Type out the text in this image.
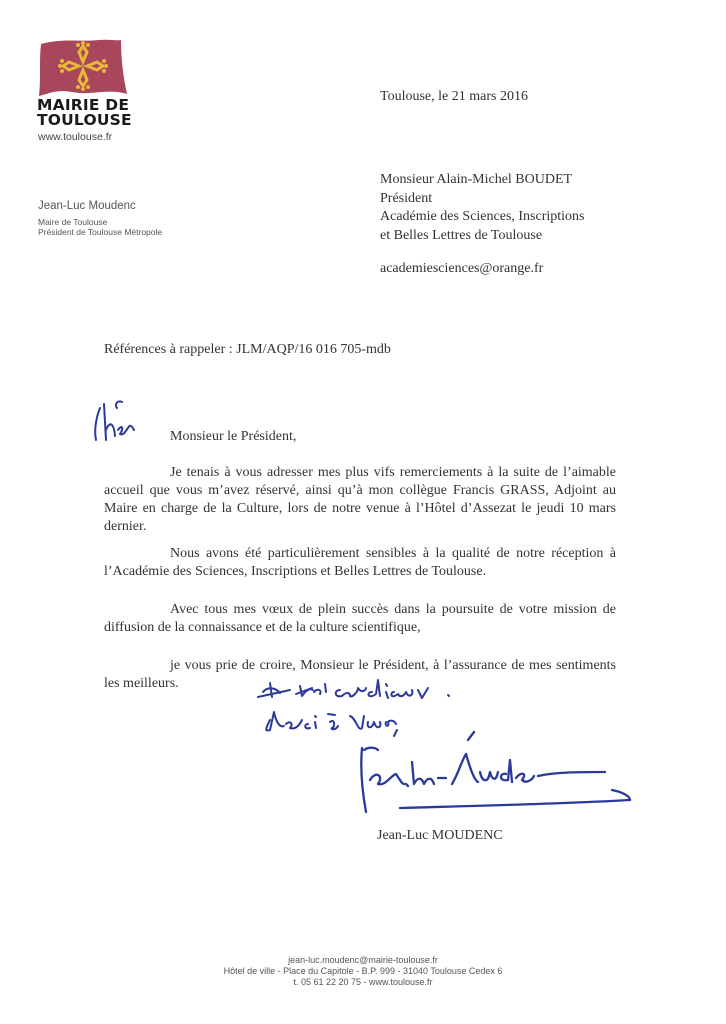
MAIRIE DE
TOULOUSE
www.toulouse.fr
Jean-Luc Moudenc
Maire de Toulouse
Président de Toulouse Métropole
Toulouse, le 21 mars 2016
Monsieur Alain-Michel BOUDET
Président
Académie des Sciences, Inscriptions
et Belles Lettres de Toulouse
academiesciences@orange.fr
Références à rappeler : JLM/AQP/16 016 705-mdb
Monsieur le Président,
Je tenais à vous adresser mes plus vifs remerciements à la suite de l’aimable accueil que vous m’avez réservé, ainsi qu’à mon collègue Francis GRASS, Adjoint au Maire en charge de la Culture, lors de notre venue à l’Hôtel d’Assezat le jeudi 10 mars dernier.
Nous avons été particulièrement sensibles à la qualité de notre réception à l’Académie des Sciences, Inscriptions et Belles Lettres de Toulouse.
Avec tous mes vœux de plein succès dans la poursuite de votre mission de diffusion de la connaissance et de la culture scientifique,
je vous prie de croire, Monsieur le Président, à l’assurance de mes sentiments les meilleurs.
Jean-Luc MOUDENC
jean-luc.moudenc@mairie-toulouse.fr
Hôtel de ville - Place du Capitole - B.P. 999 - 31040 Toulouse Cedex 6
t. 05 61 22 20 75 - www.toulouse.fr
